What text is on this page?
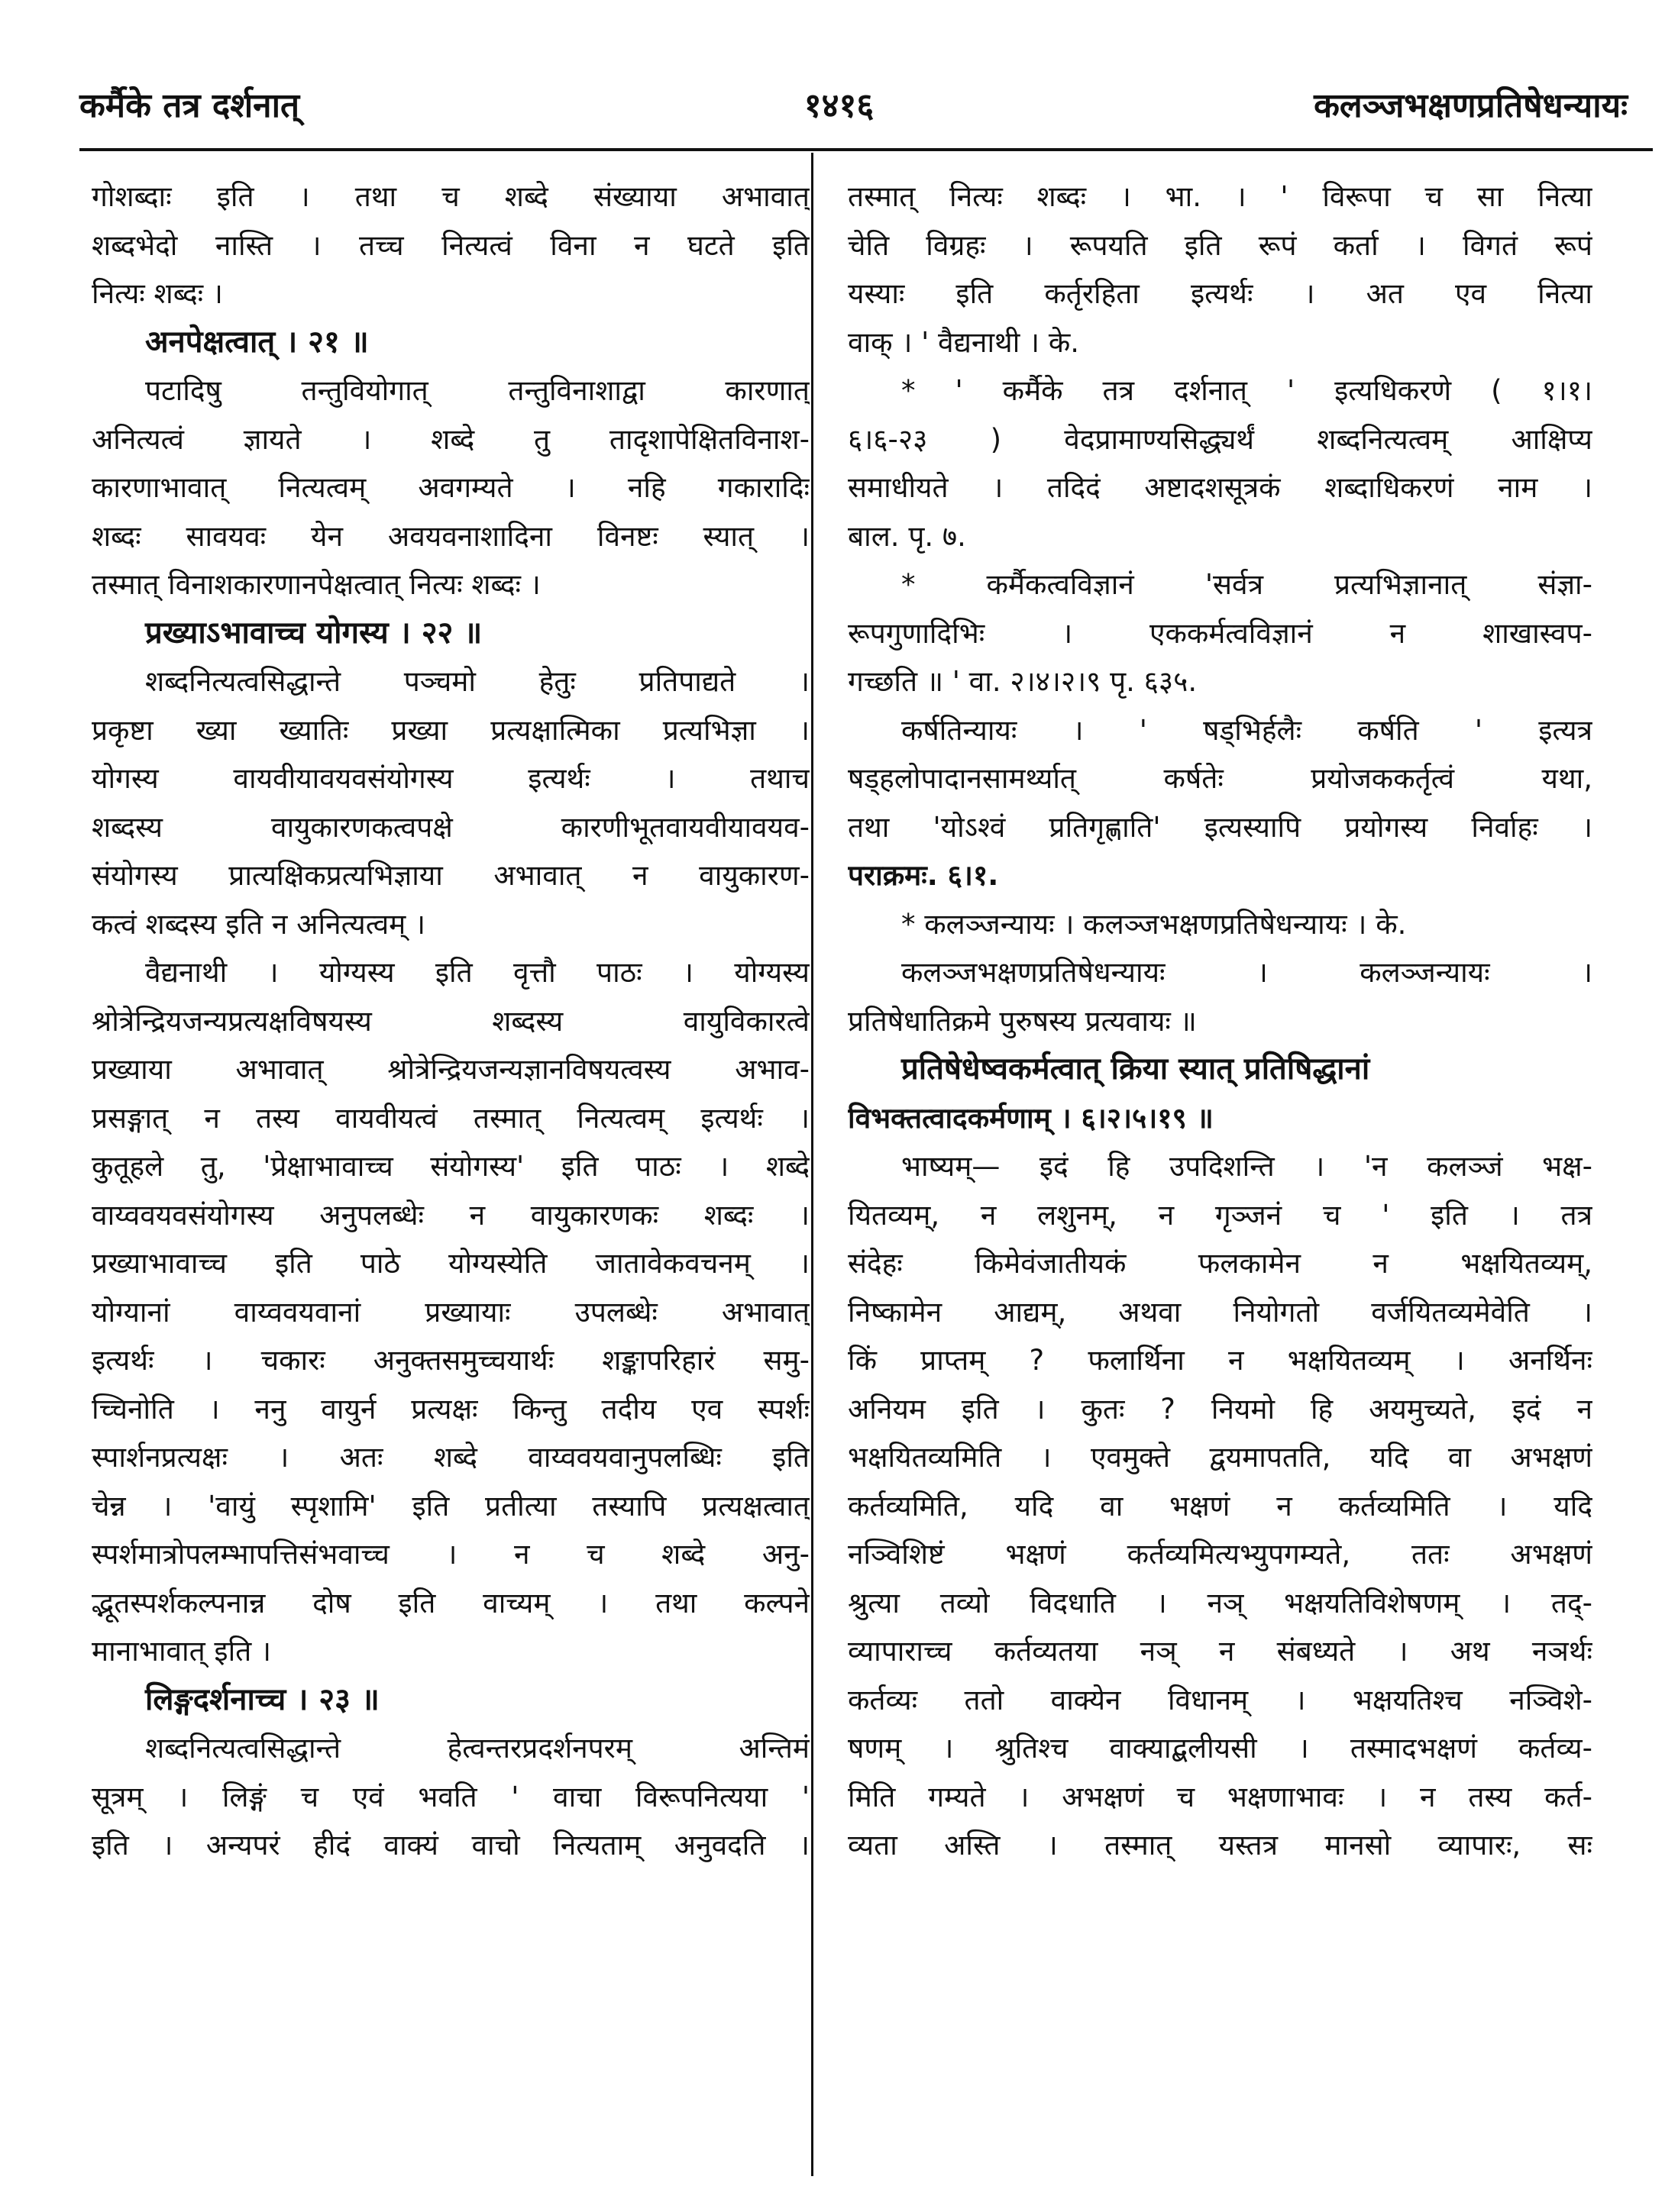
कर्मैके तत्र दर्शनात्	१४१६	कलञ्जभक्षणप्रतिषेधन्यायः
गोशब्दाः इति । तथा च शब्दे संख्याया अभावात्
शब्दभेदो नास्ति । तच्च नित्यत्वं विना न घटते इति
नित्यः शब्दः ।
अनपेक्षत्वात् । २१ ॥
पटादिषु तन्तुवियोगात् तन्तुविनाशाद्वा कारणात्
अनित्यत्वं ज्ञायते । शब्दे तु तादृशापेक्षितविनाश-
कारणाभावात् नित्यत्वम् अवगम्यते । नहि गकारादिः
शब्दः सावयवः येन अवयवनाशादिना विनष्टः स्यात् ।
तस्मात् विनाशकारणानपेक्षत्वात् नित्यः शब्दः ।
प्रख्याऽभावाच्च योगस्य । २२ ॥
शब्दनित्यत्वसिद्धान्ते पञ्चमो हेतुः प्रतिपाद्यते ।
प्रकृष्टा ख्या ख्यातिः प्रख्या प्रत्यक्षात्मिका प्रत्यभिज्ञा ।
योगस्य वायवीयावयवसंयोगस्य इत्यर्थः । तथाच
शब्दस्य वायुकारणकत्वपक्षे कारणीभूतवायवीयावयव-
संयोगस्य प्रात्यक्षिकप्रत्यभिज्ञाया अभावात् न वायुकारण-
कत्वं शब्दस्य इति न अनित्यत्वम् ।
वैद्यनाथी । योग्यस्य इति वृत्तौ पाठः । योग्यस्य
श्रोत्रेन्द्रियजन्यप्रत्यक्षविषयस्य शब्दस्य वायुविकारत्वे
प्रख्याया अभावात् श्रोत्रेन्द्रियजन्यज्ञानविषयत्वस्य अभाव-
प्रसङ्गात् न तस्य वायवीयत्वं तस्मात् नित्यत्वम् इत्यर्थः ।
कुतूहले तु, 'प्रेक्षाभावाच्च संयोगस्य' इति पाठः । शब्दे
वाय्ववयवसंयोगस्य अनुपलब्धेः न वायुकारणकः शब्दः ।
प्रख्याभावाच्च इति पाठे योग्यस्येति जातावेकवचनम् ।
योग्यानां वाय्ववयवानां प्रख्यायाः उपलब्धेः अभावात्
इत्यर्थः । चकारः अनुक्तसमुच्चयार्थः शङ्कापरिहारं समु-
च्चिनोति । ननु वायुर्न प्रत्यक्षः किन्तु तदीय एव स्पर्शः
स्पार्शनप्रत्यक्षः । अतः शब्दे वाय्ववयवानुपलब्धिः इति
चेन्न । 'वायुं स्पृशामि' इति प्रतीत्या तस्यापि प्रत्यक्षत्वात्
स्पर्शमात्रोपलम्भापत्तिसंभवाच्च । न च शब्दे अनु-
द्भूतस्पर्शकल्पनान्न दोष इति वाच्यम् । तथा कल्पने
मानाभावात् इति ।
लिङ्गदर्शनाच्च । २३ ॥
शब्दनित्यत्वसिद्धान्ते हेत्वन्तरप्रदर्शनपरम् अन्तिमं
सूत्रम् । लिङ्गं च एवं भवति ' वाचा विरूपनित्यया '
इति । अन्यपरं हीदं वाक्यं वाचो नित्यताम् अनुवदति ।
तस्मात् नित्यः शब्दः । भा. । ' विरूपा च सा नित्या
चेति विग्रहः । रूपयति इति रूपं कर्ता । विगतं रूपं
यस्याः इति कर्तृरहिता इत्यर्थः । अत एव नित्या
वाक् । ' वैद्यनाथी । के.
* ' कर्मैके तत्र दर्शनात् ' इत्यधिकरणे ( १।१।
६।६-२३ ) वेदप्रामाण्यसिद्ध्यर्थं शब्दनित्यत्वम् आक्षिप्य
समाधीयते । तदिदं अष्टादशसूत्रकं शब्दाधिकरणं नाम ।
बाल. पृ. ७.
* कर्मैकत्वविज्ञानं 'सर्वत्र प्रत्यभिज्ञानात् संज्ञा-
रूपगुणादिभिः । एककर्मत्वविज्ञानं न शाखास्वप-
गच्छति ॥ ' वा. २।४।२।९ पृ. ६३५.
कर्षतिन्यायः । ' षड्भिर्हलैः कर्षति ' इत्यत्र
षड्हलोपादानसामर्थ्यात् कर्षतेः प्रयोजककर्तृत्वं यथा,
तथा 'योऽश्वं प्रतिगृह्णाति' इत्यस्यापि प्रयोगस्य निर्वाहः ।
पराक्रमः. ६।१.
* कलञ्जन्यायः । कलञ्जभक्षणप्रतिषेधन्यायः । के.
कलञ्जभक्षणप्रतिषेधन्यायः । कलञ्जन्यायः ।
प्रतिषेधातिक्रमे पुरुषस्य प्रत्यवायः ॥
प्रतिषेधेष्वकर्मत्वात् क्रिया स्यात् प्रतिषिद्धानां
विभक्तत्वादकर्मणाम् । ६।२।५।१९ ॥
भाष्यम्— इदं हि उपदिशन्ति । 'न कलञ्जं भक्ष-
यितव्यम्, न लशुनम्, न गृञ्जनं च ' इति । तत्र
संदेहः किमेवंजातीयकं फलकामेन न भक्षयितव्यम्,
निष्कामेन आद्यम्, अथवा नियोगतो वर्जयितव्यमेवेति ।
किं प्राप्तम् ? फलार्थिना न भक्षयितव्यम् । अनर्थिनः
अनियम इति । कुतः ? नियमो हि अयमुच्यते, इदं न
भक्षयितव्यमिति । एवमुक्ते द्वयमापतति, यदि वा अभक्षणं
कर्तव्यमिति, यदि वा भक्षणं न कर्तव्यमिति । यदि
नञ्विशिष्टं भक्षणं कर्तव्यमित्यभ्युपगम्यते, ततः अभक्षणं
श्रुत्या तव्यो विदधाति । नञ् भक्षयतिविशेषणम् । तद्-
व्यापाराच्च कर्तव्यतया नञ् न संबध्यते । अथ नञर्थः
कर्तव्यः ततो वाक्येन विधानम् । भक्षयतिश्च नञ्विशे-
षणम् । श्रुतिश्च वाक्याद्बलीयसी । तस्मादभक्षणं कर्तव्य-
मिति गम्यते । अभक्षणं च भक्षणाभावः । न तस्य कर्त-
व्यता अस्ति । तस्मात् यस्तत्र मानसो व्यापारः, सः
